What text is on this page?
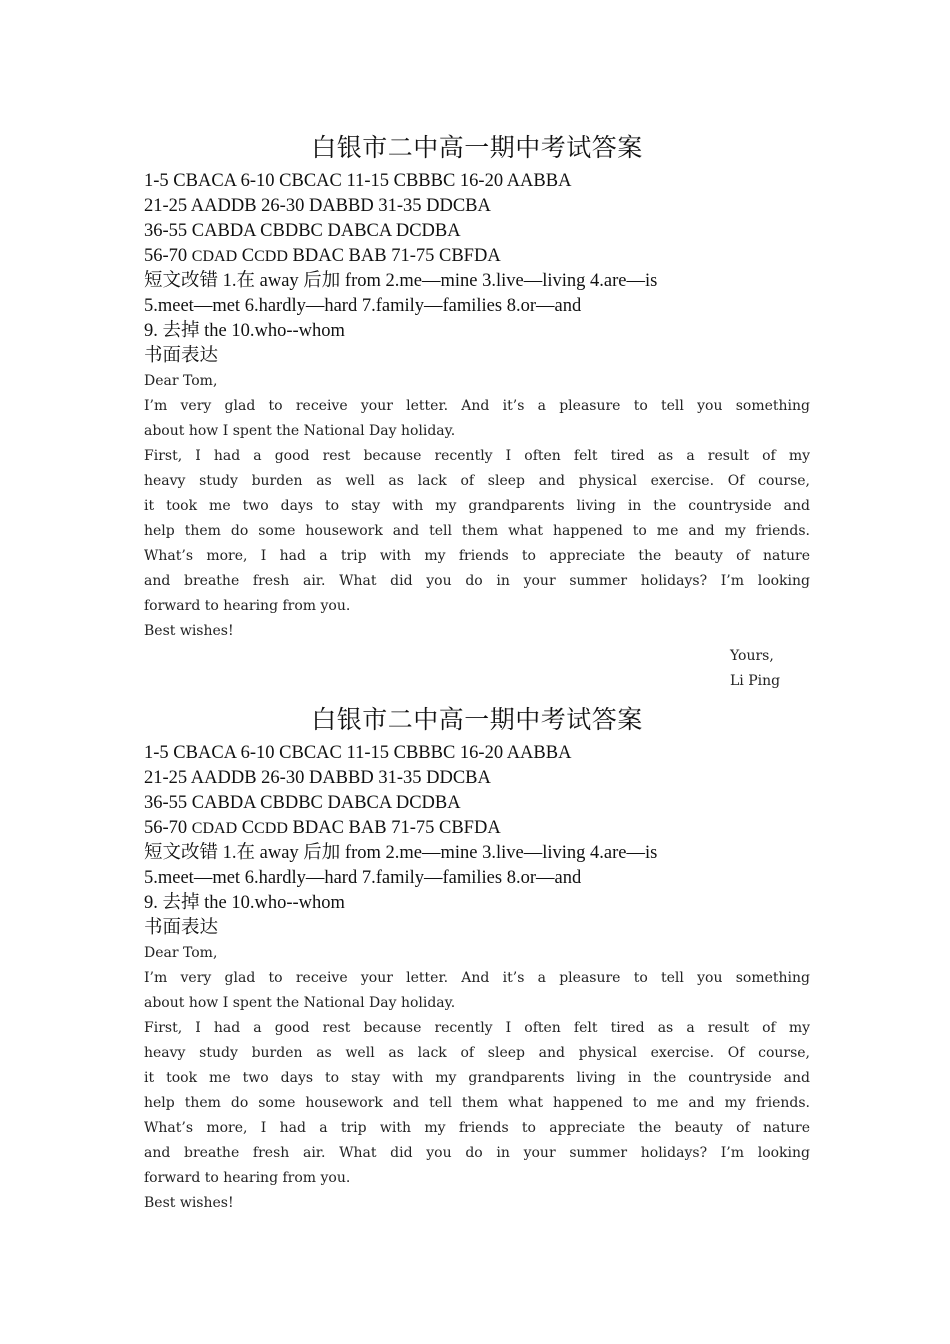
白银市二中高一期中考试答案
1-5 CBACA 6-10 CBCAC 11-15 CBBBC 16-20 AABBA
21-25 AADDB 26-30 DABBD 31-35 DDCBA
36-55 CABDA CBDBC DABCA DCDBA
56-70 CDAD CCDD BDAC BAB 71-75 CBFDA
短文改错 1.在 away 后加 from 2.me—mine 3.live—living 4.are—is
5.meet—met 6.hardly—hard 7.family—families 8.or—and
9. 去掉 the 10.who--whom
书面表达

Dear Tom,

I’m very glad to receive your letter. And it’s a pleasure to tell you something

about how I spent the National Day holiday.

First, I had a good rest because recently I often felt tired as a result of my

heavy study burden as well as lack of sleep and physical exercise. Of course,

it took me two days to stay with my grandparents living in the countryside and

help them do some housework and tell them what happened to me and my friends.

What’s more, I had a trip with my friends to appreciate the beauty of nature

and breathe fresh air. What did you do in your summer holidays? I’m looking

forward to hearing from you.

Best wishes!

Yours,

Li Ping

白银市二中高一期中考试答案
1-5 CBACA 6-10 CBCAC 11-15 CBBBC 16-20 AABBA
21-25 AADDB 26-30 DABBD 31-35 DDCBA
36-55 CABDA CBDBC DABCA DCDBA
56-70 CDAD CCDD BDAC BAB 71-75 CBFDA
短文改错 1.在 away 后加 from 2.me—mine 3.live—living 4.are—is
5.meet—met 6.hardly—hard 7.family—families 8.or—and
9. 去掉 the 10.who--whom
书面表达

Dear Tom,

I’m very glad to receive your letter. And it’s a pleasure to tell you something

about how I spent the National Day holiday.

First, I had a good rest because recently I often felt tired as a result of my

heavy study burden as well as lack of sleep and physical exercise. Of course,

it took me two days to stay with my grandparents living in the countryside and

help them do some housework and tell them what happened to me and my friends.

What’s more, I had a trip with my friends to appreciate the beauty of nature

and breathe fresh air. What did you do in your summer holidays? I’m looking

forward to hearing from you.

Best wishes!
